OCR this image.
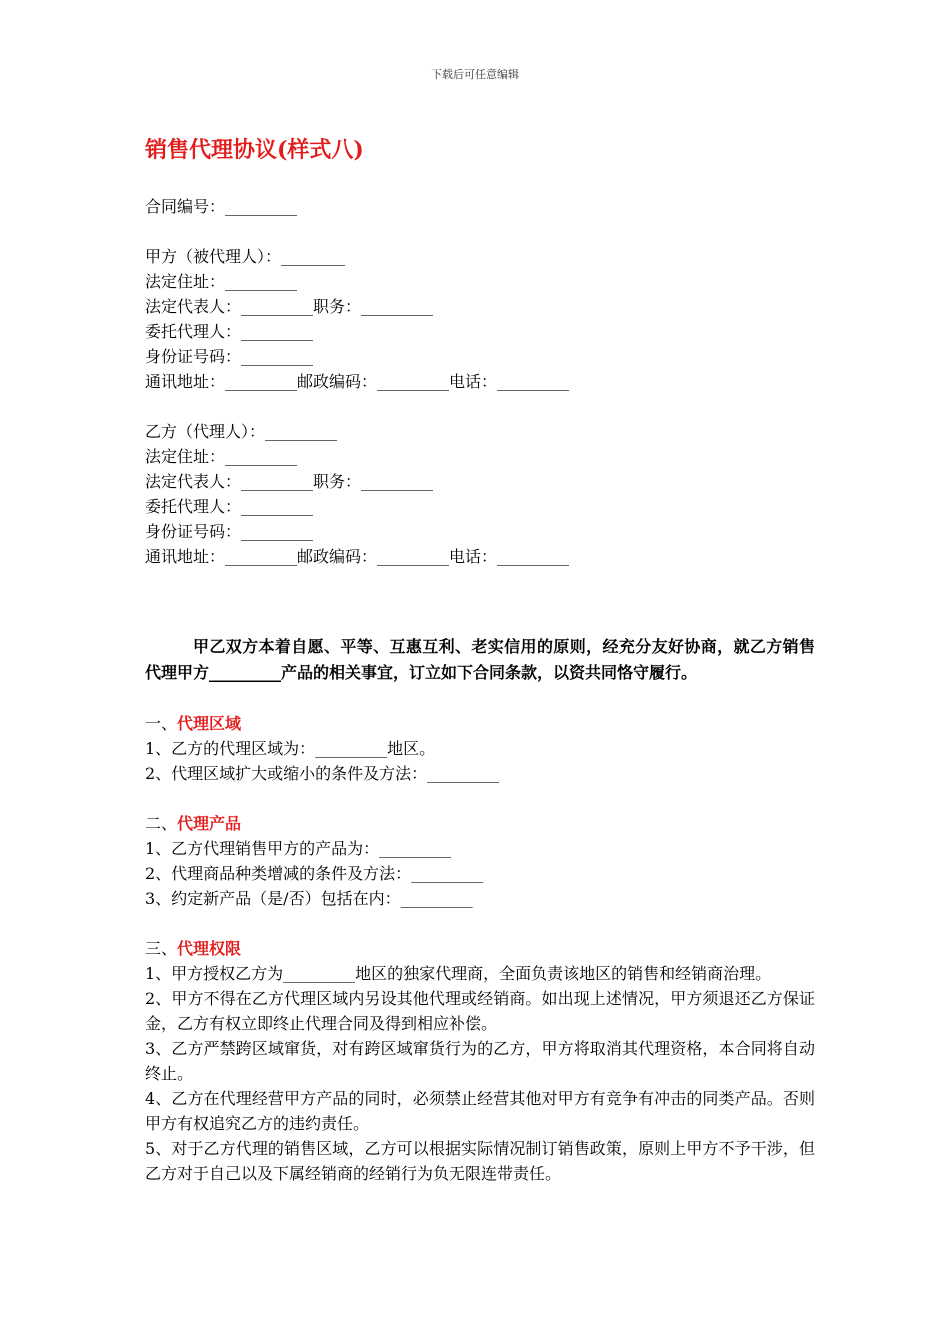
下载后可任意编辑
销售代理协议(样式八)
合同编号：_________
甲方（被代理人）：________
法定住址：_________
法定代表人：_________职务：_________
委托代理人：_________
身份证号码：_________
通讯地址：_________邮政编码：_________电话：_________
乙方（代理人）：_________
法定住址：_________
法定代表人：_________职务：_________
委托代理人：_________
身份证号码：_________
通讯地址：_________邮政编码：_________电话：_________
甲乙双方本着自愿、平等、互惠互利、老实信用的原则，经充分友好协商，就乙方销售代理甲方_________产品的相关事宜，订立如下合同条款，以资共同恪守履行。
一、代理区域
1、乙方的代理区域为：_________地区。
2、代理区域扩大或缩小的条件及方法：_________
二、代理产品
1、乙方代理销售甲方的产品为：_________
2、代理商品种类增减的条件及方法：_________
3、约定新产品（是/否）包括在内：_________
三、代理权限
1、甲方授权乙方为_________地区的独家代理商，全面负责该地区的销售和经销商治理。
2、甲方不得在乙方代理区域内另设其他代理或经销商。如出现上述情况，甲方须退还乙方保证金，乙方有权立即终止代理合同及得到相应补偿。
3、乙方严禁跨区域窜货，对有跨区域窜货行为的乙方，甲方将取消其代理资格，本合同将自动终止。
4、乙方在代理经营甲方产品的同时，必须禁止经营其他对甲方有竞争有冲击的同类产品。否则甲方有权追究乙方的违约责任。
5、对于乙方代理的销售区域，乙方可以根据实际情况制订销售政策，原则上甲方不予干涉，但乙方对于自己以及下属经销商的经销行为负无限连带责任。
